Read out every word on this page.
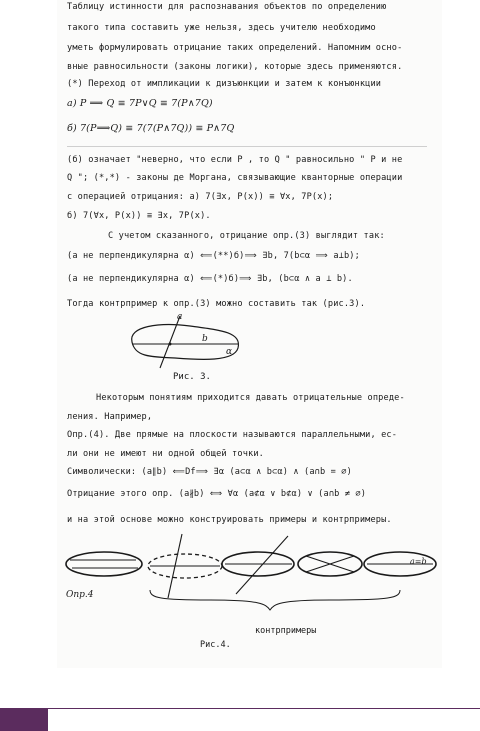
Таблицу истинности для распознавания объектов по определению
такого типа составить уже нельзя, здесь учителю необходимо
уметь формулировать отрицание таких определений. Напомним осно-
вные равносильности (законы логики), которые здесь применяются.
(*) Переход от импликации к дизъюнкции и затем к конъюнкции
а) P ⟹ Q ≡ 7P∨Q ≡ 7(P∧7Q)
б) 7(P⟹Q) ≡ 7(7(P∧7Q)) ≡ P∧7Q
(б) означает "неверно, что если P , то Q " равносильно " P и не
Q "; (*,*) - законы де Моргана, связывающие кванторные операции
с операцией отрицания: а) 7(∃x, P(x)) ≡ ∀x, 7P(x);
б) 7(∀x, P(x)) ≡ ∃x, 7P(x).
С учетом сказанного, отрицание опр.(3) выглядит так:
(а не перпендикулярна α) ⟸(**)б)⟹ ∃b, 7(b⊂α ⟹ a⊥b);
(а не перпендикулярна α) ⟸(*)б)⟹ ∃b, (b⊂α ∧ a ⊥ b).
Тогда контрпример к опр.(3) можно составить так (рис.3).
a
b
α
Рис. 3.
Некоторым понятиям приходится давать отрицательные опреде-
ления. Например,
Опр.(4). Две прямые на плоскости называются параллельными, ес-
ли они не имеют ни одной общей точки.
Символически: (a∥b) ⟸Df⟹ ∃α (a⊂α ∧ b⊂α) ∧ (a∩b = ∅)
Отрицание этого опр. (a∦b) ⟺ ∀α (a⊄α ∨ b⊄α) ∨ (a∩b ≠ ∅)
и на этой основе можно конструировать примеры и контрпримеры.
Опр.4
a=b
контрпримеры
Рис.4.
